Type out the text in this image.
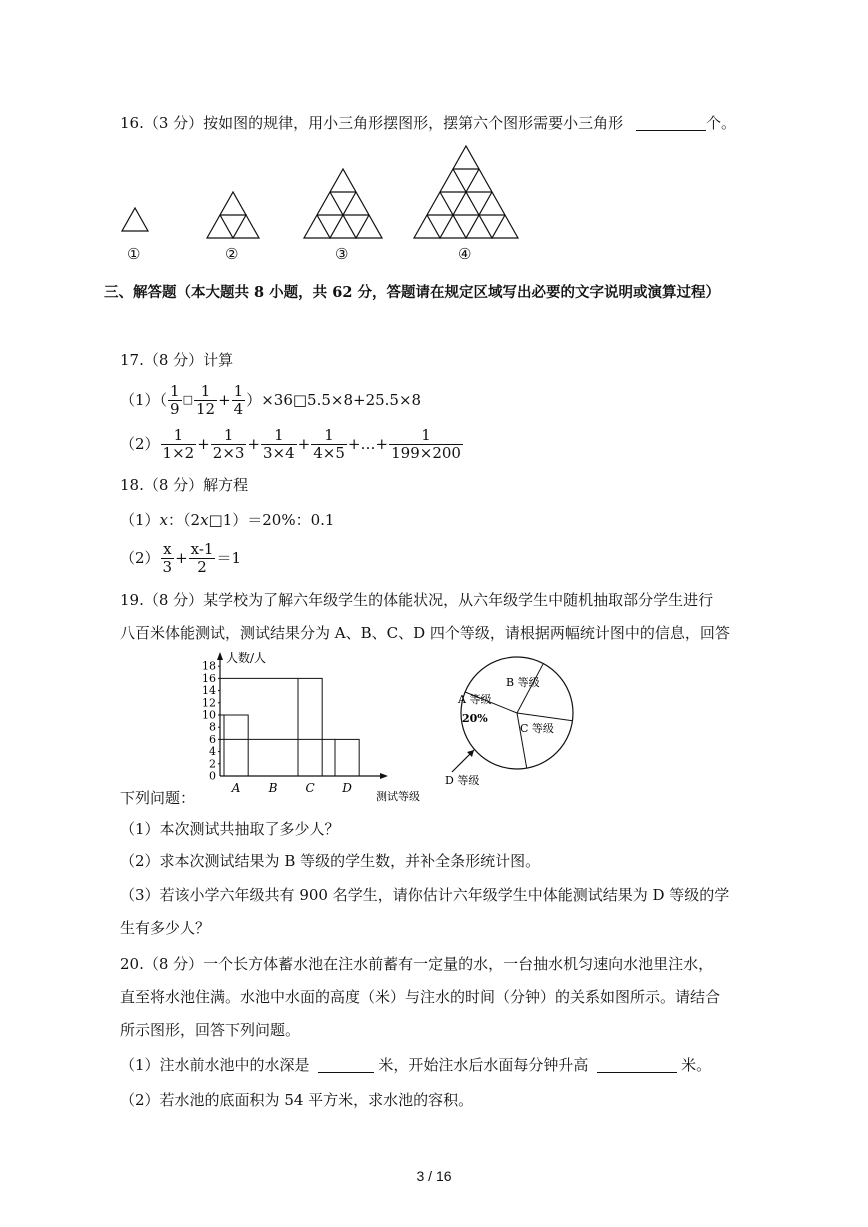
16.（3 分）按如图的规律，用小三角形摆图形，摆第六个图形需要小三角形	个。
①	②	③	④
三、解答题（本大题共 8 小题，共 62 分，答题请在规定区域写出必要的文字说明或演算过程）
17.（8 分）计算
$(1)( \frac{1}{9}$ □ $\frac{1}{12} + \frac{1}{4}$ ）×36□5.5×8+25.5×8
$(2) \frac{1}{1\times 2} + \frac{1}{2\times 3} + \frac{1}{3\times 4} + \frac{1}{4\times 5}$ +…+ $\frac{1}{199\times 200}$
18.（8 分）解方程
（1）x：（2x□1）＝20%：0.1
$(2) \frac{x}{3} + \frac{x-1}{2} =1$
19.（8 分）某学校为了解六年级学生的体能状况，从六年级学生中随机抽取部分学生进行
八百米体能测试，测试结果分为 A、B、C、D 四个等级，请根据两幅统计图中的信息，回答
0
2
4
6
8
10
12
14
16
18
人数/人
测试等级
A B C D
B 等级
A 等级
20%
C 等级
D 等级
下列问题：
（1）本次测试共抽取了多少人？
（2）求本次测试结果为 B 等级的学生数，并补全条形统计图。
（3）若该小学六年级共有 900 名学生，请你估计六年级学生中体能测试结果为 D 等级的学
生有多少人？
20.（8 分）一个长方体蓄水池在注水前蓄有一定量的水，一台抽水机匀速向水池里注水，
直至将水池住满。水池中水面的高度（米）与注水的时间（分钟）的关系如图所示。请结合
所示图形，回答下列问题。
（1）注水前水池中的水深是	米，开始注水后水面每分钟升高	米。
（2）若水池的底面积为 54 平方米，求水池的容积。
3 / 16
